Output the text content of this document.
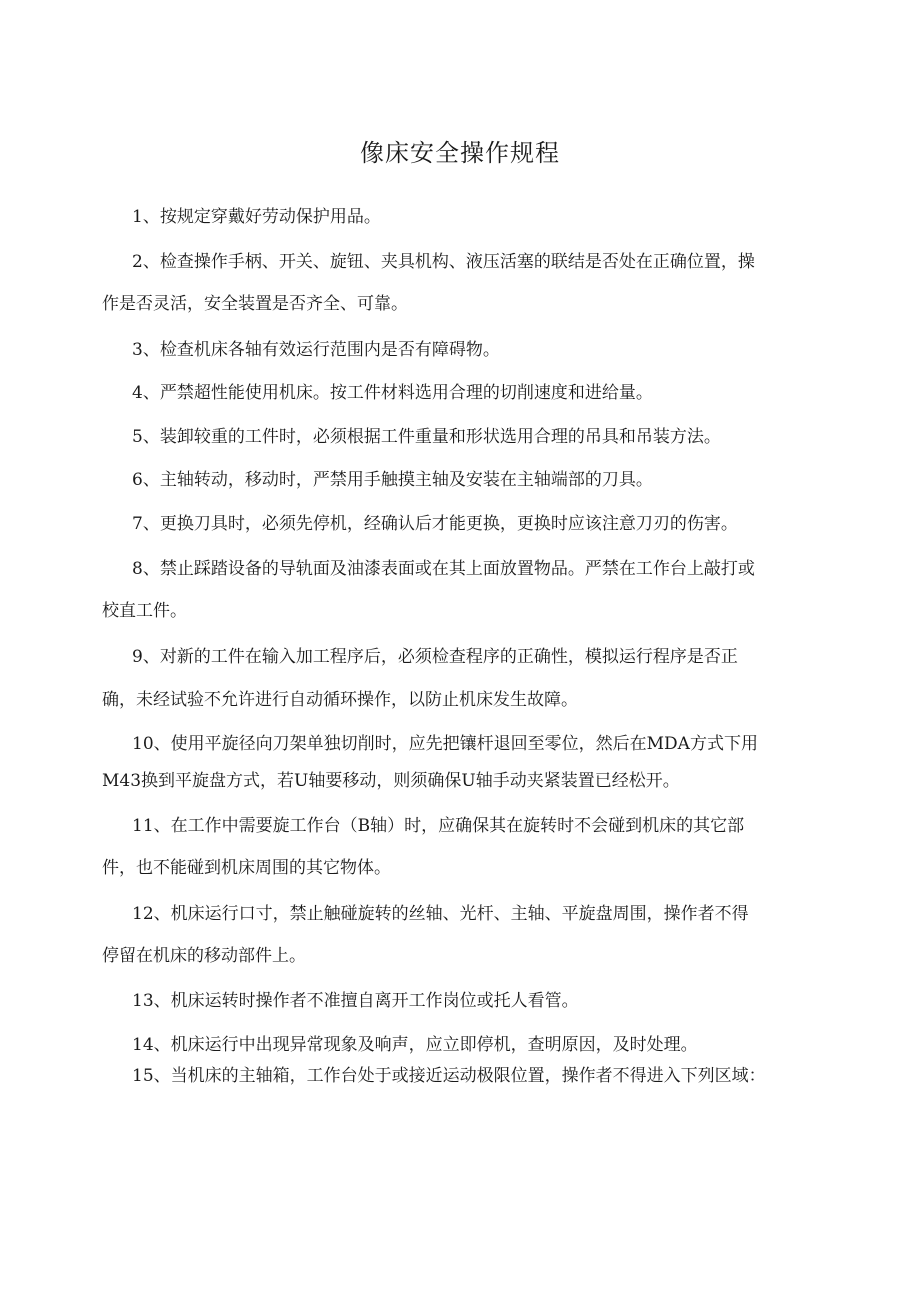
像床安全操作规程
1、按规定穿戴好劳动保护用品。
2、检查操作手柄、开关、旋钮、夹具机构、液压活塞的联结是否处在正确位置，操
作是否灵活，安全装置是否齐全、可靠。
3、检查机床各轴有效运行范围内是否有障碍物。
4、严禁超性能使用机床。按工件材料选用合理的切削速度和进给量。
5、装卸较重的工件时，必须根据工件重量和形状选用合理的吊具和吊装方法。
6、主轴转动，移动时，严禁用手触摸主轴及安装在主轴端部的刀具。
7、更换刀具时，必须先停机，经确认后才能更换，更换时应该注意刀刃的伤害。
8、禁止踩踏设备的导轨面及油漆表面或在其上面放置物品。严禁在工作台上敲打或
校直工件。
9、对新的工件在输入加工程序后，必须检查程序的正确性，模拟运行程序是否正
确，未经试验不允许进行自动循环操作，以防止机床发生故障。
10、使用平旋径向刀架单独切削时，应先把镶杆退回至零位，然后在MDA方式下用
M43换到平旋盘方式，若U轴要移动，则须确保U轴手动夹紧装置已经松开。
11、在工作中需要旋工作台（B轴）时，应确保其在旋转时不会碰到机床的其它部
件，也不能碰到机床周围的其它物体。
12、机床运行口寸，禁止触碰旋转的丝轴、光杆、主轴、平旋盘周围，操作者不得
停留在机床的移动部件上。
13、机床运转时操作者不准擅自离开工作岗位或托人看管。
14、机床运行中出现异常现象及响声，应立即停机，查明原因，及时处理。
15、当机床的主轴箱，工作台处于或接近运动极限位置，操作者不得进入下列区域：
